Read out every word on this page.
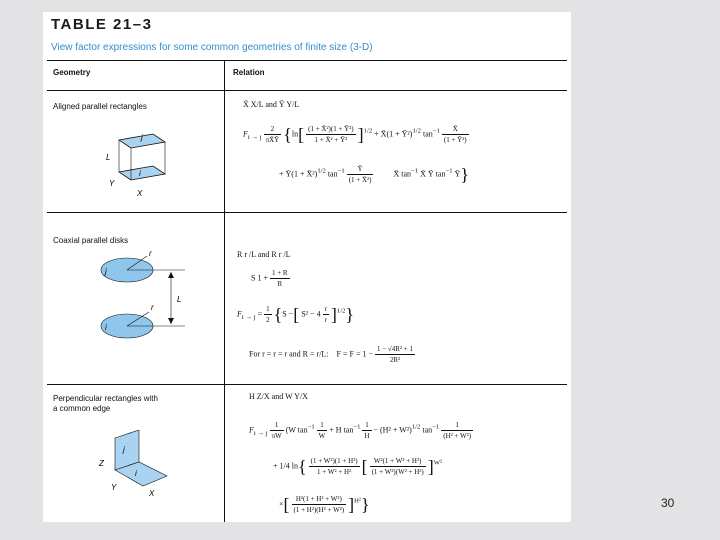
TABLE 21–3
View factor expressions for some common geometries of finite size (3-D)
Geometry	Relation
Aligned parallel rectangles
j
i
L
Y
X
X̄ X/L and Ȳ Y/L
$F_{i \to j} \frac{2}{\pi X̄Ȳ} \{\ln[ \frac{\text{(1 + X̄²)(1 + Ȳ²)}}{\text{1 + X̄² + Ȳ²}} ]^{1/2}$ + X̄(1 + Ȳ²)$^{1/2}$ $\tan^{-1} \frac{X̄}{\text{(1 + Ȳ²)}}$
+ Ȳ(1 + X̄²)$^{1/2}$ $\tan^{-1} \frac{Ȳ}{\text{(1 + X̄²)}}$	X̄ $\tan^{-1}$ X̄ Ȳ $\tan^{-1}$ Ȳ}
Coaxial parallel disks
r
j
i
r
L
R r /L and R r /L
S $1 + \frac{1 + R}{R}$
$F_{i \to j} = \frac{1}{2} \{S$ −[ $S^2 - 4 \frac{r}{r} ]^{1/2}$}
For r = r = r and R = r/L: $F = F = 1 - \frac{\text{1 − √4R² + 1}}{\text{2R²}}$
Perpendicular rectangles with a common edge
j
i
Z
Y
X
H Z/X and W Y/X
$F_{i \to j} \frac{1}{\pi W} (W$ $\tan^{-1} \frac{1}{W} + H$ $\tan^{-1} \frac{1}{H} - (H^2 + W^2)^{1/2}$ $\tan^{-1} \frac{1}{\text{(H² + W²)}}$
+ 1/4 $\ln\{ \frac{\text{(1 + W²)(1 + H²)}}{\text{1 + W² + H²}}$ [ $\frac{\text{W²(1 + W² + H²)}}{\text{(1 + W²)(W² + H²)}} ]^{W^2}$
×[ $\frac{\text{H²(1 + H² + W²)}}{\text{(1 + H²)(H² + W²)}} ]^{H^2}$}	30
